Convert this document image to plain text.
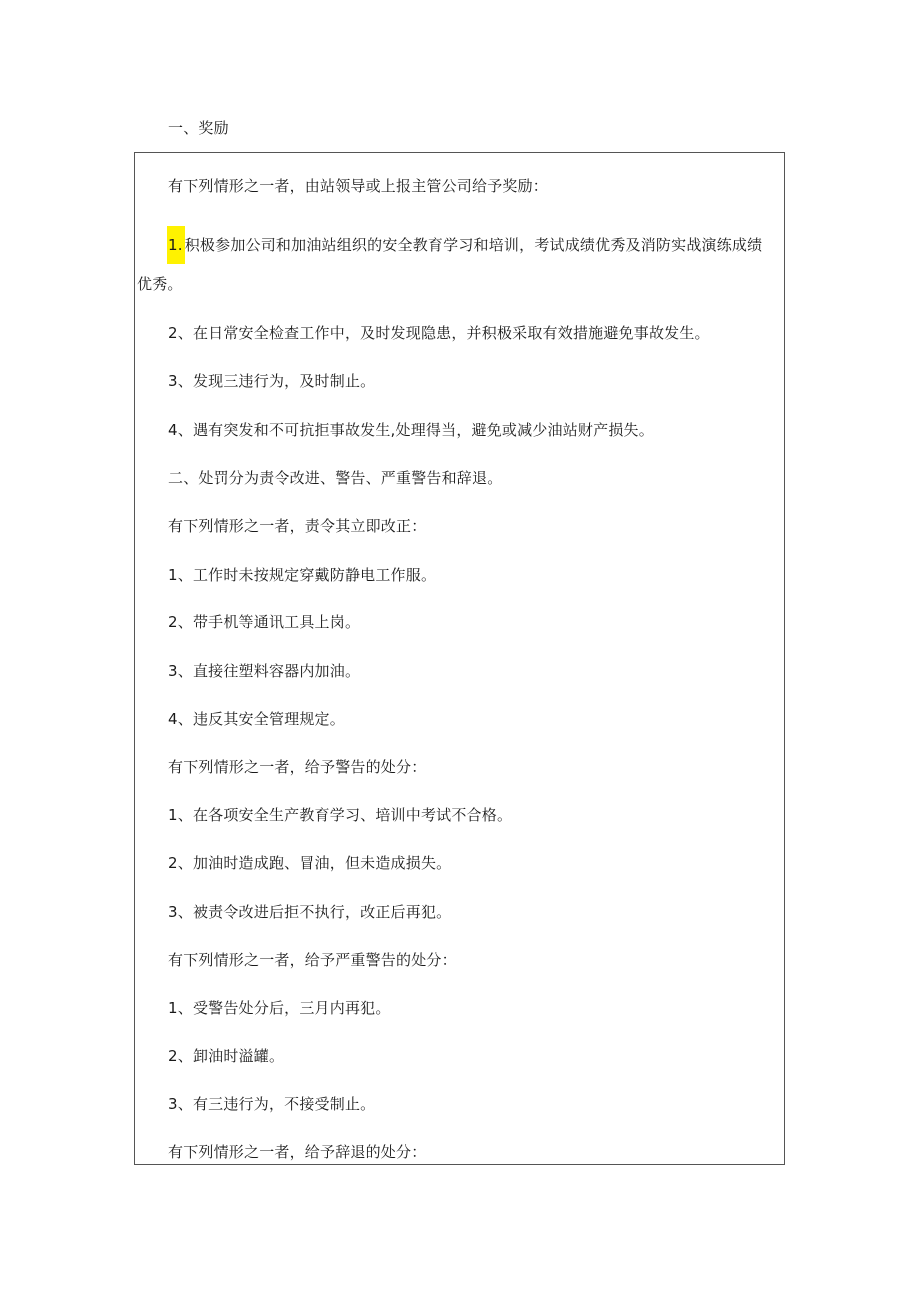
一、奖励
有下列情形之一者，由站领导或上报主管公司给予奖励：
1. 积极参加公司和加油站组织的安全教育学习和培训，考试成绩优秀及消防实战演练成绩
优秀。
2、在日常安全检查工作中，及时发现隐患，并积极采取有效措施避免事故发生。
3、发现三违行为，及时制止。
4、遇有突发和不可抗拒事故发生,处理得当，避免或减少油站财产损失。
二、处罚分为责令改进、警告、严重警告和辞退。
有下列情形之一者，责令其立即改正：
1、工作时未按规定穿戴防静电工作服。
2、带手机等通讯工具上岗。
3、直接往塑料容器内加油。
4、违反其安全管理规定。
有下列情形之一者，给予警告的处分：
1、在各项安全生产教育学习、培训中考试不合格。
2、加油时造成跑、冒油，但未造成损失。
3、被责令改进后拒不执行，改正后再犯。
有下列情形之一者，给予严重警告的处分：
1、受警告处分后，三月内再犯。
2、卸油时溢罐。
3、有三违行为，不接受制止。
有下列情形之一者，给予辞退的处分：
